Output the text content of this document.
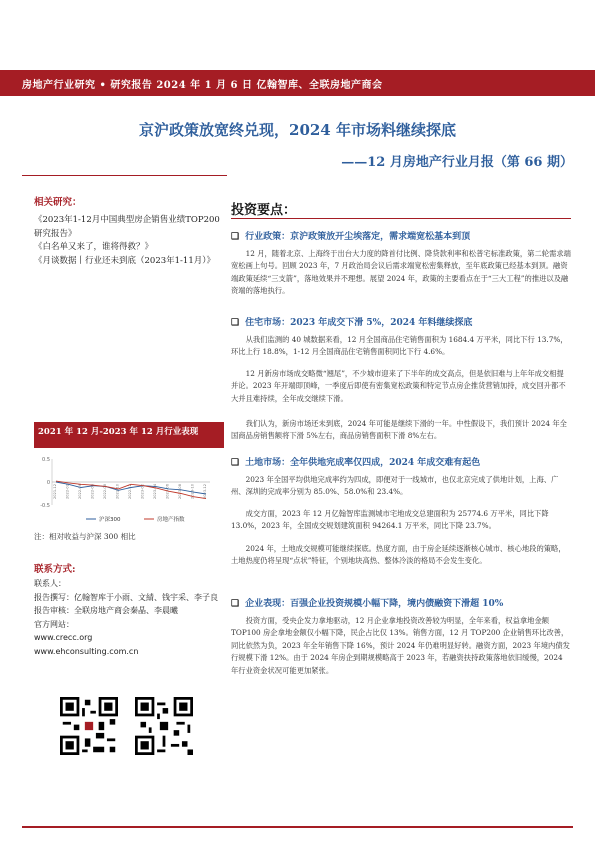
房地产行业研究 • 研究报告 2024 年 1 月 6 日 亿翰智库、全联房地产商会
京沪政策放宽终兑现，2024 年市场料继续探底
——12 月房地产行业月报（第 66 期）
相关研究：

《2023年1-12月中国典型房企销售业绩TOP200研究报告》

《白名单又来了，谁将得救？》

《月谈数据丨行业还未到底（2023年1-11月）》

2021 年 12 月-2023 年 12 月行业表现
0.5
0
-0.5
2021-12 2022-02 2022-04 2022-06 2022-08 2022-10 2022-12 2023-02 2023-04 2023-06 2023-08 2023-10 2023-12
沪深300	房地产指数
注：相对收益与沪深 300 相比
联系方式:

联系人：

报告撰写：亿翰智库于小雨、文綪、钱宇采、李子良

报告审核：全联房地产商会秦晶、李晨曦

官方网站：

www.crecc.org

www.ehconsulting.com.cn

投资要点：
❑ 行业政策：京沪政策放开尘埃落定，需求端宽松基本到顶

12 月，随着北京、上海终于出台大力度的降首付比例、降贷款利率和松普宅标准政策，第二轮需求端宽松画上句号。回顾 2023 年，7 月政治局会议后需求端宽松密集释放，至年底政策已经基本到顶。融资端政策延续“三支箭”，落地效果并不理想。展望 2024 年，政策的主要看点在于“三大工程”的推进以及融资端的落地执行。

❑ 住宅市场：2023 年成交下滑 5%，2024 年料继续探底

从我们监测的 40 城数据来看，12 月全国商品住宅销售面积为 1684.4 万平米，同比下行 13.7%，环比上行 18.8%，1-12 月全国商品住宅销售面积同比下行 4.6%。

12 月新房市场成交略微“翘尾”，不少城市迎来了下半年的成交高点，但是依旧难与上年年成交相提并论。2023 年开端即顶峰，一季度后即使有密集宽松政策和特定节点房企推货营销加持，成交回升都不大并且难持续，全年成交继续下滑。

我们认为，新房市场还未到底，2024 年可能是继续下滑的一年。中性假设下，我们预计 2024 年全国商品房销售额将下滑 5%左右，商品房销售面积下滑 8%左右。

❑ 土地市场：全年供地完成率仅四成，2024 年成交难有起色

2023 年全国平均供地完成率约为四成，即便对于一线城市，也仅北京完成了供地计划，上海、广州、深圳的完成率分别为 85.0%、58.0%和 23.4%。

成交方面，2023 年 12 月亿翰智库监测城市宅地成交总建面积为 25774.6 万平米，同比下降 13.0%，2023 年，全国成交规划建筑面积 94264.1 万平米，同比下降 23.7%。

2024 年，土地成交规模可能继续探底。热度方面，由于房企延续逐渐核心城市、核心地段的策略，土地热度仍将呈现“点状”特征，个别地块高热、整体冷淡的格局不会发生变化。

❑ 企业表现：百强企业投资规模小幅下降，境内债融资下滑超 10%

投资方面，受央企发力拿地驱动，12 月企业拿地投资改善较为明显，全年来看，权益拿地金额 TOP100 房企拿地金额仅小幅下降，民企占比仅 13%。销售方面，12 月 TOP200 企业销售环比改善，同比依然为负，2023 年全年销售下降 16%，预计 2024 年仍难明显好转。融资方面，2023 年境内债发行规模下滑 12%。由于 2024 年房企到期规模略高于 2023 年，若融资扶持政策落地依旧缓慢，2024 年行业资金状况可能更加紧张。
